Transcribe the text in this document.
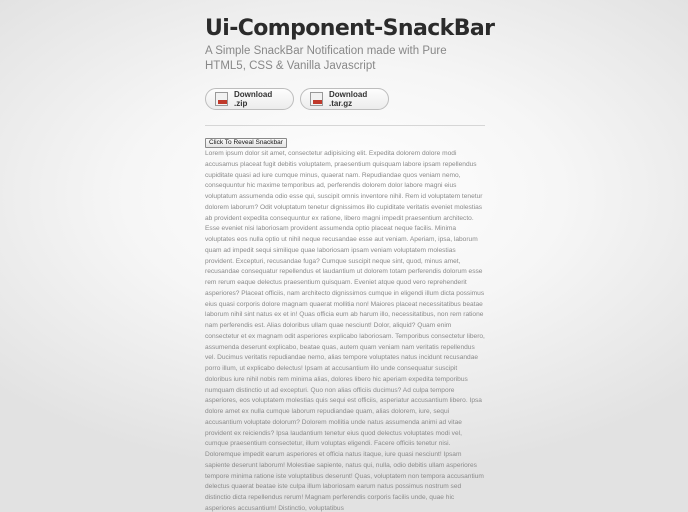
Ui-Component-SnackBar

A Simple SnackBar Notification made with Pure HTML5, CSS & Vanilla Javascript

Download .zip
Download .tar.gz
Click To Reveal Snackbar

Lorem ipsum dolor sit amet, consectetur adipisicing elit. Expedita dolorem dolore modi accusamus placeat fugit debitis voluptatem, praesentium quisquam labore ipsam repellendus cupiditate quasi ad iure cumque minus, quaerat nam. Repudiandae quos veniam nemo, consequuntur hic maxime temporibus ad, perferendis dolorem dolor labore magni eius voluptatum assumenda odio esse qui, suscipit omnis inventore nihil. Rem id voluptatem tenetur dolorem laborum? Odit voluptatum tenetur dignissimos illo cupiditate veritatis eveniet molestias ab provident expedita consequuntur ex ratione, libero magni impedit praesentium architecto. Esse eveniet nisi laboriosam provident assumenda optio placeat neque facilis. Minima voluptates eos nulla optio ut nihil neque recusandae esse aut veniam. Aperiam, ipsa, laborum quam ad impedit sequi similique quae laboriosam ipsam veniam voluptatem molestias provident. Excepturi, recusandae fuga? Cumque suscipit neque sint, quod, minus amet, recusandae consequatur repellendus et laudantium ut dolorem totam perferendis dolorum esse rem rerum eaque delectus praesentium quisquam. Eveniet atque quod vero reprehenderit asperiores? Placeat officiis, nam architecto dignissimos cumque in eligendi illum dicta possimus eius quasi corporis dolore magnam quaerat mollitia non! Maiores placeat necessitatibus beatae laborum nihil sint natus ex et in! Quas officia eum ab harum illo, necessitatibus, non rem ratione nam perferendis est. Alias doloribus ullam quae nesciunt! Dolor, aliquid? Quam enim consectetur et ex magnam odit asperiores explicabo laboriosam. Temporibus consectetur libero, assumenda deserunt explicabo, beatae quas, autem quam veniam nam veritatis repellendus vel. Ducimus veritatis repudiandae nemo, alias tempore voluptates natus incidunt recusandae porro illum, ut explicabo delectus! Ipsam at accusantium illo unde consequatur suscipit doloribus iure nihil nobis rem minima alias, dolores libero hic aperiam expedita temporibus numquam distinctio ut ad excepturi. Quo non alias officiis ducimus? Ad culpa tempore asperiores, eos voluptatem molestias quis sequi est officiis, asperiatur accusantium libero. Ipsa dolore amet ex nulla cumque laborum repudiandae quam, alias dolorem, iure, sequi accusantium voluptate dolorum? Dolorem mollitia unde natus assumenda animi ad vitae provident ex reiciendis? Ipsa laudantium tenetur eius quod delectus voluptates modi vel, cumque praesentium consectetur, illum voluptas eligendi. Facere officiis tenetur nisi. Doloremque impedit earum asperiores et officia natus itaque, iure quasi nesciunt! Ipsam sapiente deserunt laborum! Molestiae sapiente, natus qui, nulla, odio debitis ullam asperiores tempore minima ratione iste voluptatibus deserunt! Quas, voluptatem non tempora accusantium delectus quaerat beatae iste culpa illum laboriosam earum natus possimus nostrum sed distinctio dicta repellendus rerum! Magnam perferendis corporis facilis unde, quae hic asperiores accusantium! Distinctio, voluptatibus
